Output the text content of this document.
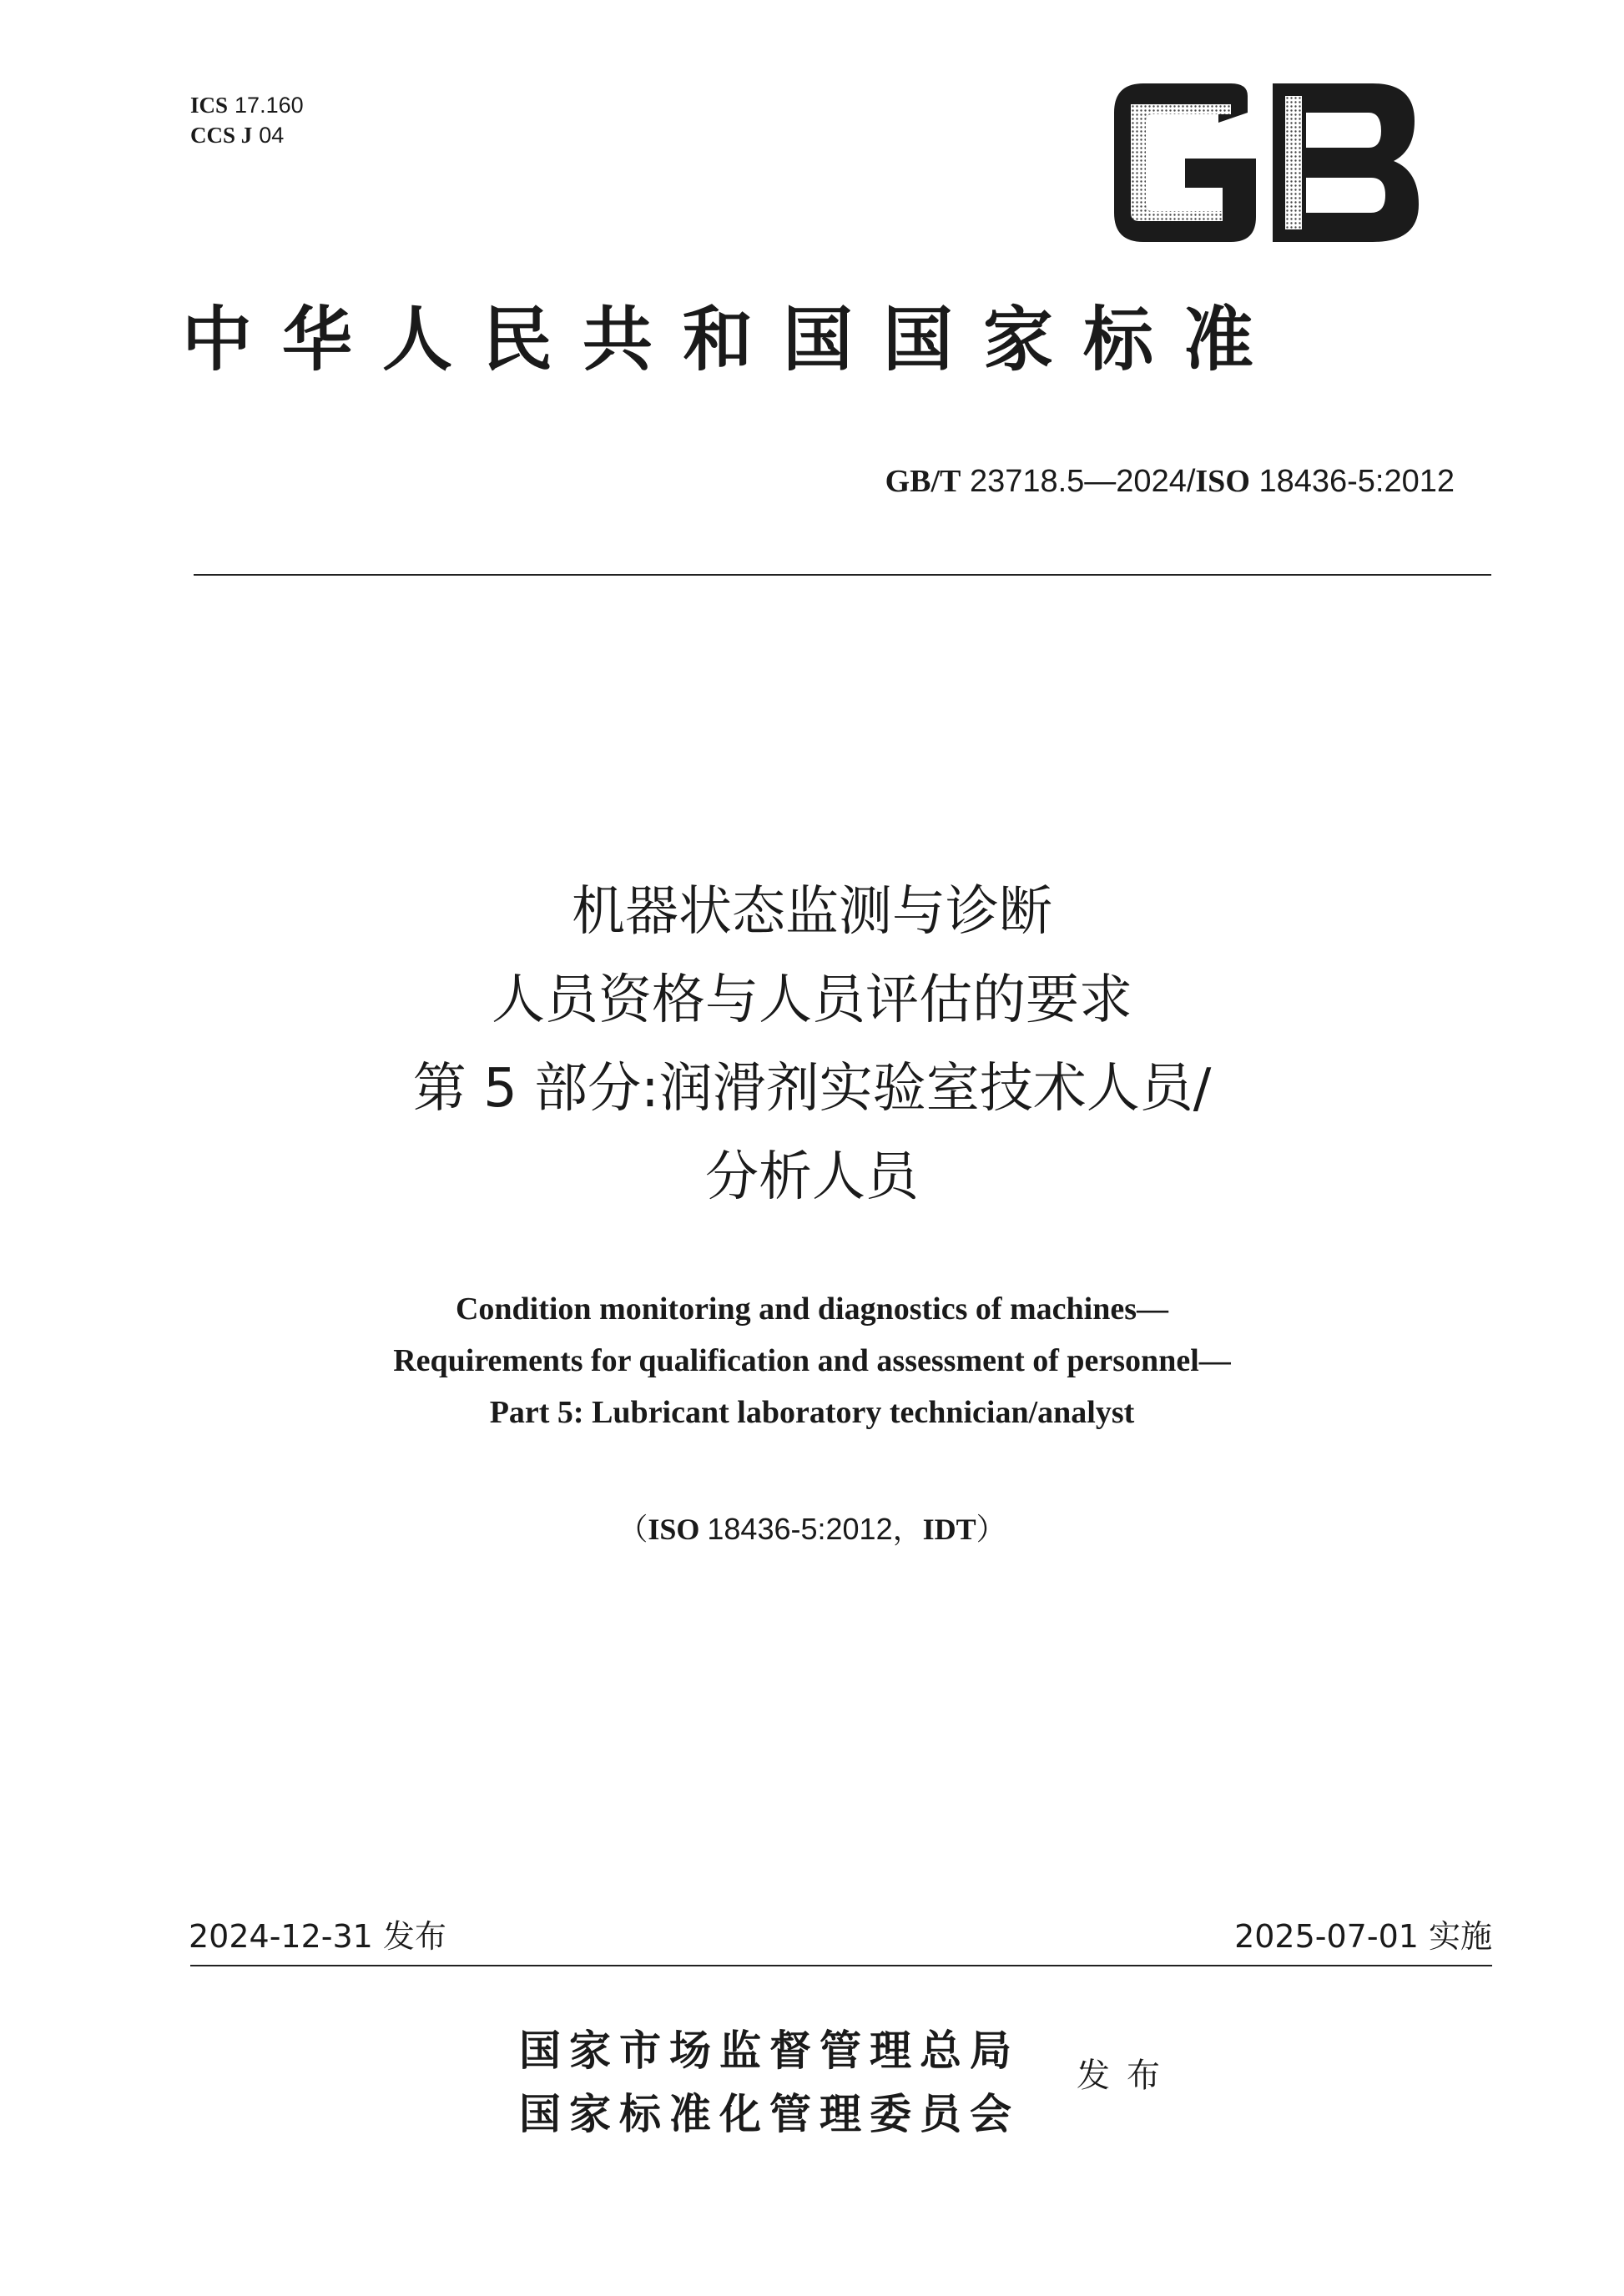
ICS 17.160
CCS J 04
中华人民共和国国家标准
GB/T 23718.5—2024/ISO 18436-5:2012
机器状态监测与诊断
人员资格与人员评估的要求
第 5 部分:润滑剂实验室技术人员/
分析人员
Condition monitoring and diagnostics of machines—
Requirements for qualification and assessment of personnel—
Part 5: Lubricant laboratory technician/analyst
（ISO 18436-5:2012，IDT）
2024-12-31 发布	2025-07-01 实施
国家市场监督管理总局
国家标准化管理委员会
发布
